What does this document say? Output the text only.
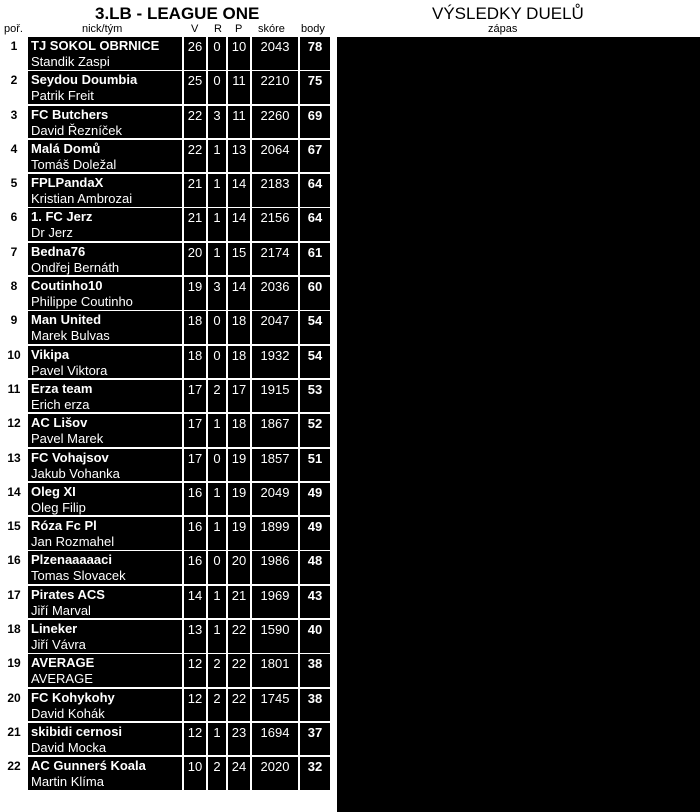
3.LB - LEAGUE ONE	VÝSLEDKY DUELŮ
poř.	nick/tým	V R P skóre body	zápas
1	TJ SOKOL OBRNICE
Standik Zaspi
26 0 10	2043	78
2	Seydou Doumbia
Patrik Freit
25 0 11	2210	75
3	FC Butchers
David Řezníček
22 3 11	2260	69
4	Malá Domů
Tomáš Doležal
22 1 13	2064	67
5	FPLPandaX
Kristian Ambrozai
21 1 14	2183	64
6	1. FC Jerz
Dr Jerz
21 1 14	2156	64
7	Bedna76
Ondřej Bernáth
20 1 15	2174	61
8	Coutinho10
Philippe Coutinho
19 3 14	2036	60
9	Man United
Marek Bulvas
18 0 18	2047	54
10 Vikipa
Pavel Viktora
18 0 18	1932	54
11 Erza team
Erich erza
17 2 17	1915	53
12 AC Lišov
Pavel Marek
17 1 18	1867	52
13 FC Vohajsov
Jakub Vohanka
17 0 19	1857	51
14 Oleg XI
Oleg Filip
16 1 19	2049	49
15 Róza Fc Pl
Jan Rozmahel
16 1 19	1899	49
16 Plzenaaaaaci
Tomas Slovacek
16 0 20	1986	48
17 Pirates ACS
Jiří Marval
14 1 21	1969	43
18 Lineker
Jiří Vávra
13 1 22	1590	40
19 AVERAGE
AVERAGE
12 2 22	1801	38
20 FC Kohykohy
David Kohák
12 2 22	1745	38
21 skibidi cernosi
David Mocka
12 1 23	1694	37
22 AC Gunnerś Koala
Martin Klíma
10 2 24	2020	32
Tomáš Doležal
Malá Domů
66-51 Tomas Slovacek
Plzenaaaaaci
Erich erza
Erza team
87-47 Jiří Vávra
Lineker
Oleg Filip
Oleg XI
69-81 Jiří Marval
Pirates ACS
Standik Zaspi
TJ SOKOL OBRNICE
78-72 Kristian Ambrozai
FPLPandaX
Philippe Coutinho
Coutinho10
78-97 Martin Klíma
AC Gunnerś Koala
Dr Jerz
1. FC Jerz
80-106 Ondřej Bernáth
Bedna76
Marek Bulvas
Man United
89-67 David Kohák
FC Kohykohy
Pavel Marek
AC Lišov
75-69 David Mocka
skibidi cernosi
Jan Rozmahel
Róza Fc Pl
64-91 Patrik Freit
Seydou Doumbia
David Řezníček
FC Butchers
93-78 Pavel Viktora
Vikipa
AVERAGE
AVERAGE
65-76 Jakub Vohanka
FC Vohajsov
